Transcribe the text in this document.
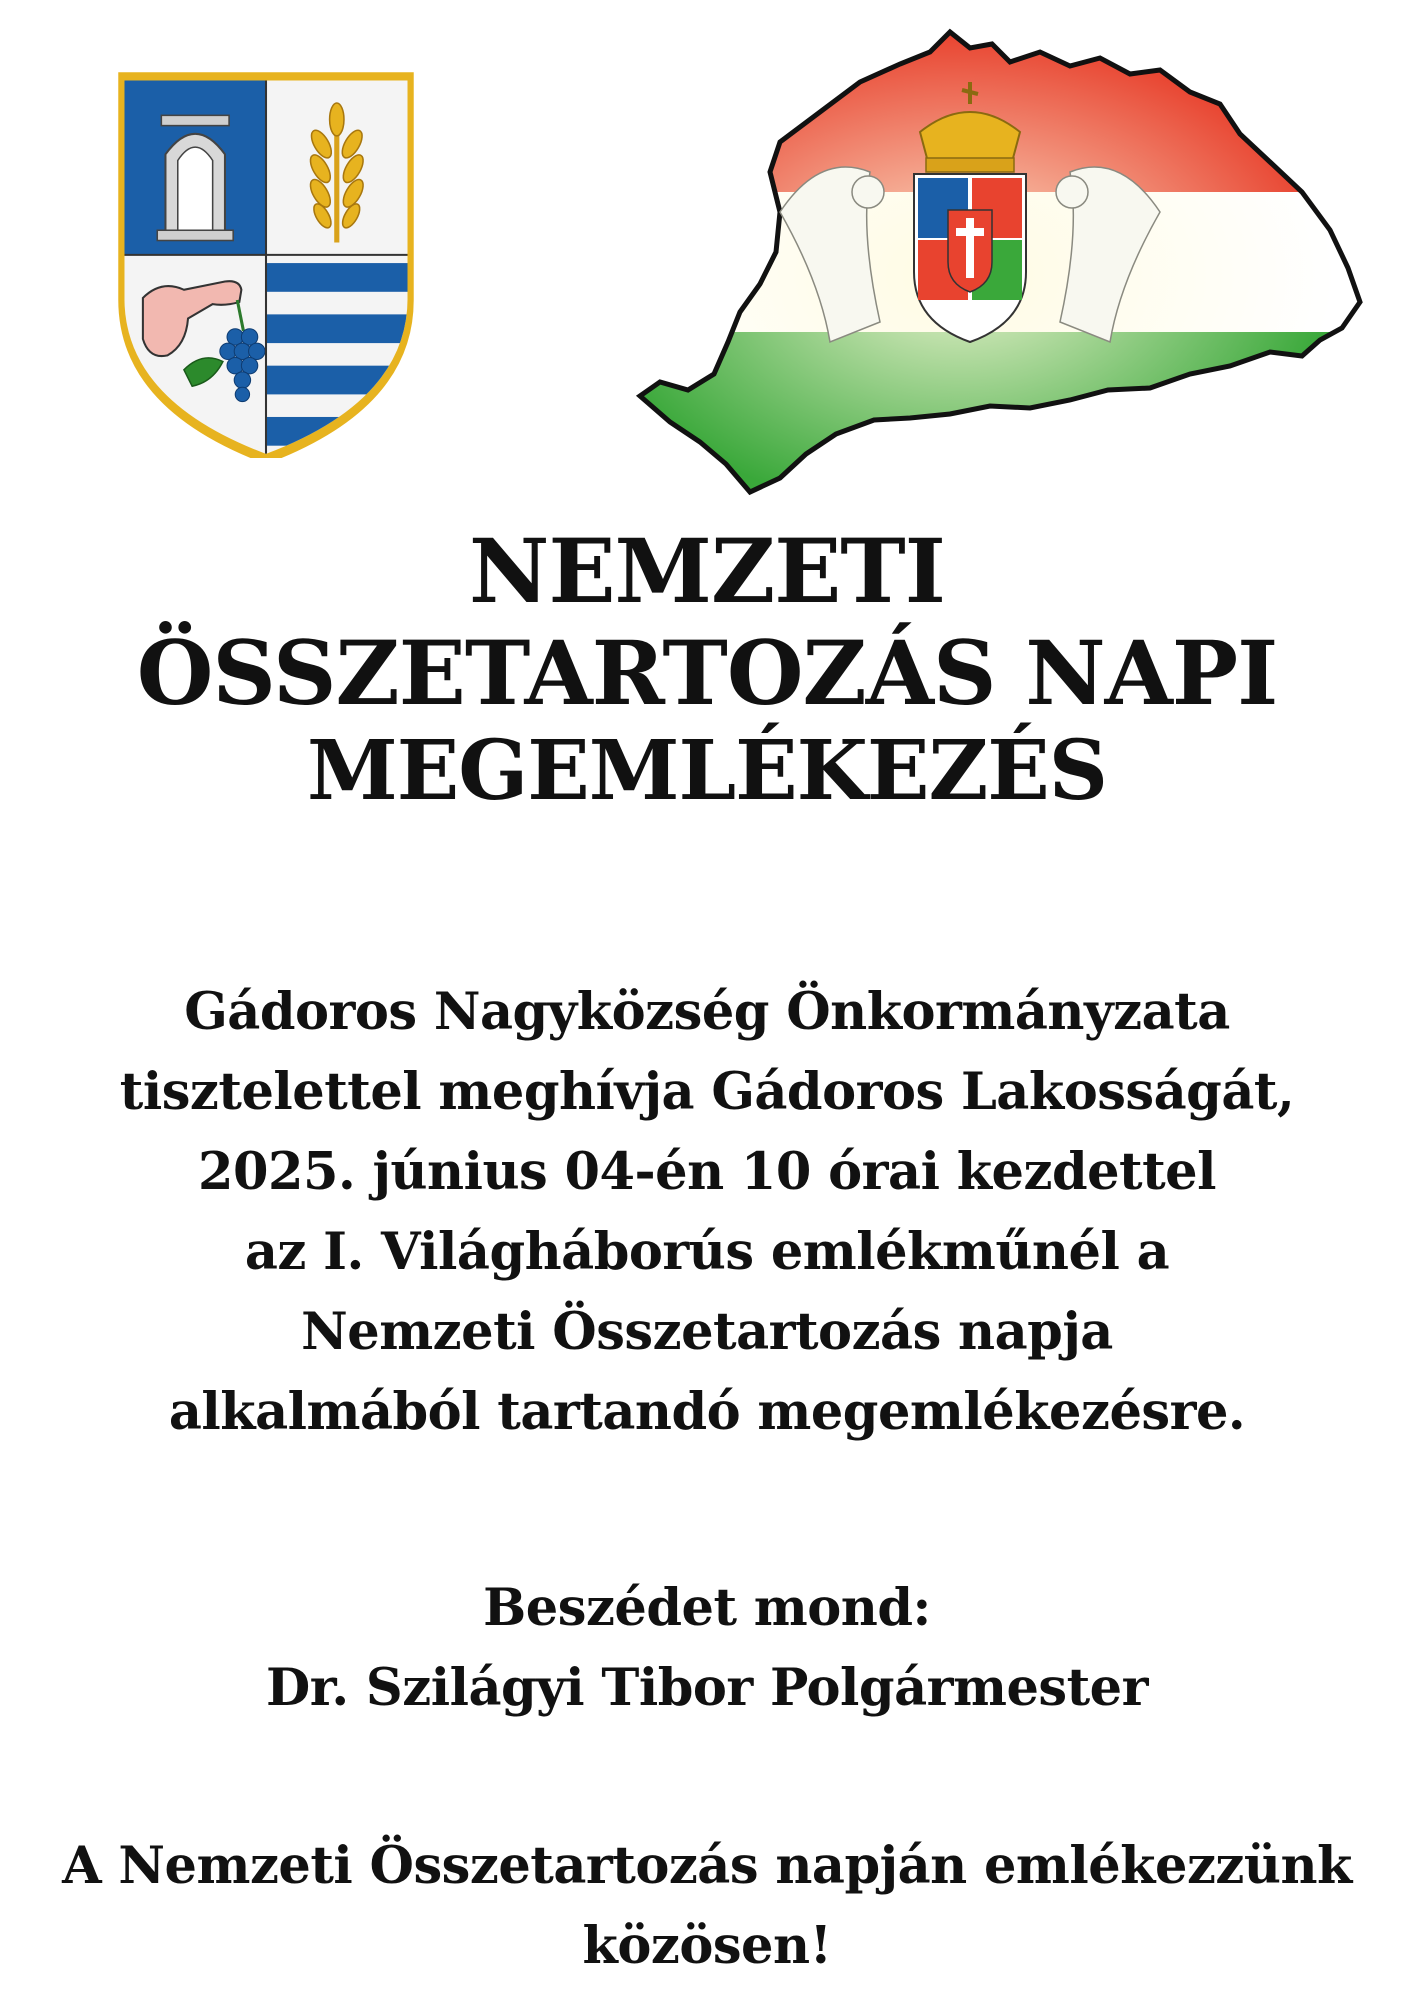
NEMZETI
ÖSSZETARTOZÁS NAPI
MEGEMLÉKEZÉS
Gádoros Nagyközség Önkormányzata
tisztelettel meghívja Gádoros Lakosságát,
2025. június 04-én 10 órai kezdettel
az I. Világháborús emlékműnél a
Nemzeti Összetartozás napja
alkalmából tartandó megemlékezésre.
Beszédet mond:
Dr. Szilágyi Tibor Polgármester
A Nemzeti Összetartozás napján emlékezzünk
közösen!
